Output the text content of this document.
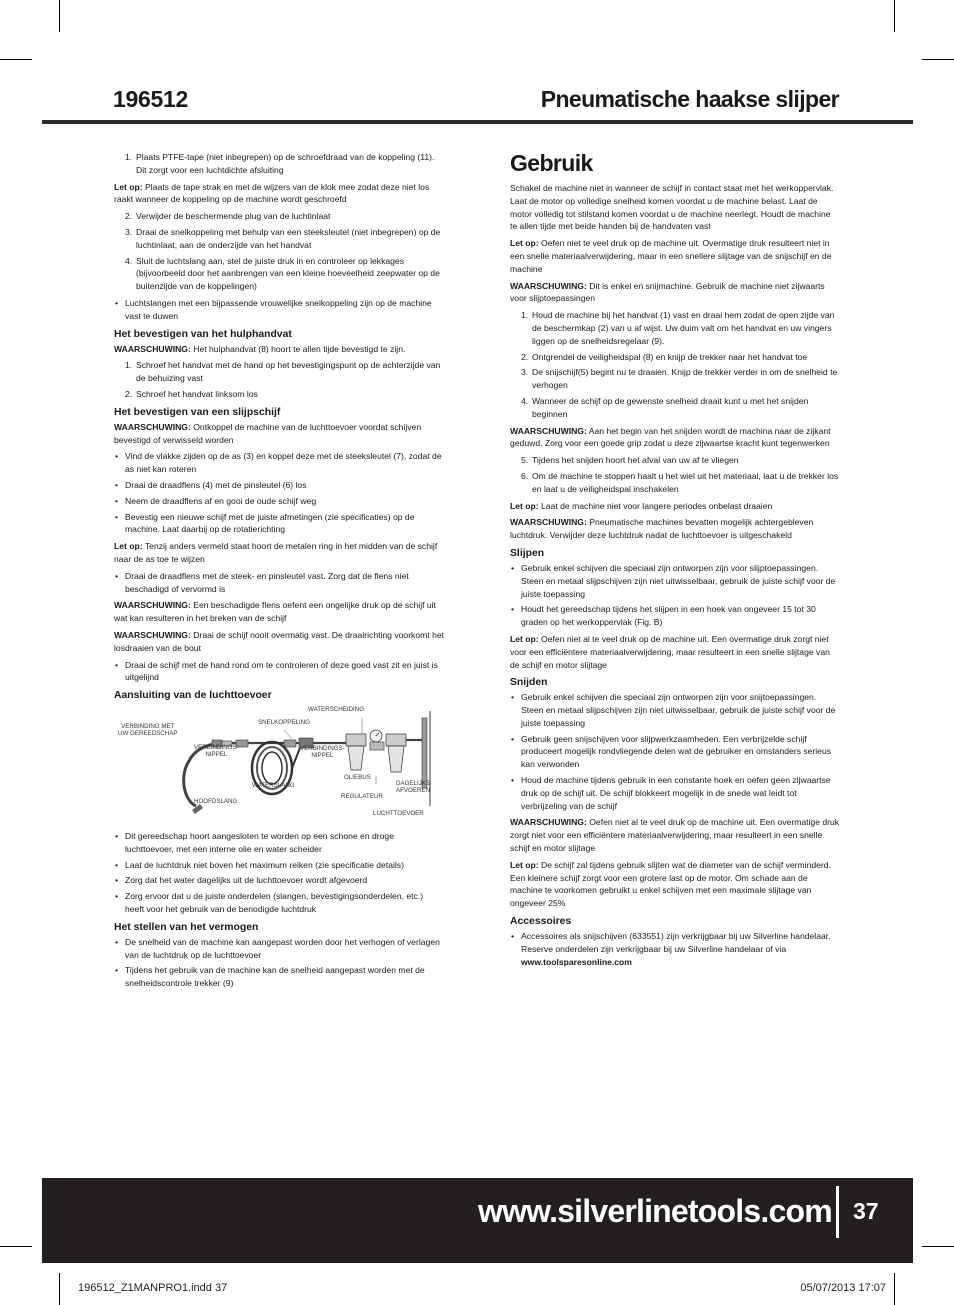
196512	Pneumatische haakse slijper
1. Plaats PTFE-tape (niet inbegrepen) op de schroefdraad van de koppeling (11). Dit zorgt voor een luchtdichte afsluiting

Let op: Plaats de tape strak en met de wijzers van de klok mee zodat deze niet los raakt wanneer de koppeling op de machine wordt geschroefd

2. Verwijder de beschermende plug van de luchtinlaat
3. Draai de snelkoppeling met behulp van een steeksleutel (niet inbegrepen) op de luchtinlaat, aan de onderzijde van het handvat
4. Sluit de luchtslang aan, stel de juiste druk in en controleer op lekkages (bijvoorbeeld door het aanbrengen van een kleine hoeveelheid zeepwater op de buitenzijde van de koppelingen)
• Luchtslangen met een bijpassende vrouwelijke snelkoppeling zijn op de machine vast te duwen
Het bevestigen van het hulphandvat

WAARSCHUWING: Het hulphandvat (8) hoort te allen tijde bevestigd te zijn.

1. Schroef het handvat met de hand op het bevestigingspunt op de achterzijde van de behuizing vast
2. Schroef het handvat linksom los
Het bevestigen van een slijpschijf

WAARSCHUWING: Ontkoppel de machine van de luchttoevoer voordat schijven bevestigd of verwisseld worden

• Vind de vlakke zijden op de as (3) en koppel deze met de steeksleutel (7), zodat de as niet kan roteren
• Draai de draadflens (4) met de pinsleutel (6) los
• Neem de draadflens af en gooi de oude schijf weg
• Bevestig een nieuwe schijf met de juiste afmetingen (zie specificaties) op de machine. Laat daarbij op de rotatierichting

Let op: Tenzij anders vermeld staat hoort de metalen ring in het midden van de schijf naar de as toe te wijzen

• Draai de draadflens met de steek- en pinsleutel vast. Zorg dat de flens niet beschadigd of vervormd is

WAARSCHUWING: Een beschadigde flens oefent een ongelijke druk op de schijf uit wat kan resulteren in het breken van de schijf

WAARSCHUWING: Draai de schijf nooit overmatig vast. De draairichting voorkomt het losdraaien van de bout

• Draai de schijf met de hand rond om te controleren of deze goed vast zit en juist is uitgelijnd
Aansluiting van de luchttoevoer
WATERSCHEIDING
SNELKOPPELING
VERBINDING MET
UW GEREEDSCHAP
VERBINDINGS-
NIPPEL
VERBINDINGS-
NIPPEL
WATERSLANG
OLIEBUS
DAGELIJKS
AFVOEREN
REGULATEUR
HOOFDSLANG
LUCHTTOEVOER
• Dit gereedschap hoort aangesloten te worden op een schone en droge luchttoevoer, met een interne olie en water scheider
• Laat de luchtdruk niet boven het maximum reiken (zie specificatie details)
• Zorg dat het water dagelijks uit de luchttoevoer wordt afgevoerd
• Zorg ervoor dat u de juiste onderdelen (slangen, bevestigingsonderdelen, etc.) heeft voor het gebruik van de benodigde luchtdruk
Het stellen van het vermogen
• De snelheid van de machine kan aangepast worden door het verhogen of verlagen van de luchtdruk op de luchttoevoer
• Tijdens het gebruik van de machine kan de snelheid aangepast worden met de snelheidscontrole trekker (9)
Gebruik

Schakel de machine niet in wanneer de schijf in contact staat met het werkoppervlak. Laat de motor op volledige snelheid komen voordat u de machine belast. Laat de motor volledig tot stilstand komen voordat u de machine neerlegt. Houdt de machine te allen tijde met beide handen bij de handvaten vast

Let op: Oefen niet te veel druk op de machine uit. Overmatige druk resulteert niet in een snelle materiaalverwijdering, maar in een snellere slijtage van de snijschijf en de machine

WAARSCHUWING: Dit is enkel en snijmachine. Gebruik de machine niet zijwaarts voor slijptoepassingen

1. Houd de machine bij het handvat (1) vast en draai hem zodat de open zijde van de beschermkap (2) van u af wijst. Uw duim valt om het handvat en uw vingers liggen op de snelheidsregelaar (9).
2. Ontgrendel de veiligheidspal (8) en knijp de trekker naar het handvat toe
3. De snijschijf(5) begint nu te draaien. Knijp de trekker verder in om de snelheid te verhogen
4. Wanneer de schijf op de gewenste snelheid draait kunt u met het snijden beginnen

WAARSCHUWING: Aan het begin van het snijden wordt de machina naar de zijkant geduwd. Zorg voor een goede grip zodat u deze zijwaartse kracht kunt tegenwerken

5. Tijdens het snijden hoort het afval van uw af te vliegen
6. Om de machine te stoppen haalt u het wiel uit het materiaal, laat u de trekker los en laat u de veiligheidspal inschakelen

Let op: Laat de machine niet voor langere periodes onbelast draaien

WAARSCHUWING: Pneumatische machines bevatten mogelijk achtergebleven luchtdruk. Verwijder deze luchtdruk nadat de luchttoevoer is uitgeschakeld

Slijpen
• Gebruik enkel schijven die speciaal zijn ontworpen zijn voor slijptoepassingen. Steen en metaal slijpschijven zijn niet uitwisselbaar, gebruik de juiste schijf voor de juiste toepassing
• Houdt het gereedschap tijdens het slijpen in een hoek van ongeveer 15 tot 30 graden op het werkoppervlak (Fig. B)

Let op: Oefen niet al te veel druk op de machine uit. Een overmatige druk zorgt niet voor een efficiëntere materiaalverwijdering, maar resulteert in een snelle slijtage van de schijf en motor slijtage

Snijden
• Gebruik enkel schijven die speciaal zijn ontworpen zijn voor snijtoepassingen. Steen en metaal slijpschijven zijn niet uitwisselbaar, gebruik de juiste schijf voor de juiste toepassing
• Gebruik geen snijschijven voor slijpwerkzaamheden. Een verbrijzelde schijf produceert mogelijk rondvliegende delen wat de gebruiker en omstanders serieus kan verwonden
• Houd de machine tijdens gebruik in een constante hoek en oefen geen zijwaartse druk op de schijf uit. De schijf blokkeert mogelijk in de snede wat leidt tot verbrijzeling van de schijf

WAARSCHUWING: Oefen niet al te veel druk op de machine uit. Een overmatige druk zorgt niet voor een efficiëntere materiaalverwijdering, maar resulteert in een snelle schijf en motor slijtage

Let op: De schijf zal tijdens gebruik slijten wat de diameter van de schijf verminderd. Een kleinere schijf zorgt voor een grotere last op de motor. Om schade aan de machine te voorkomen gebruikt u enkel schijven met een maximale slijtage van ongeveer 25%

Accessoires
• Accessoires als snijschijven (633551) zijn verkrijgbaar bij uw Silverline handelaar. Reserve onderdelen zijn verkrijgbaar bij uw Silverline handelaar of via www.toolsparesonline.com
www.silverlinetools.com 37
196512_Z1MANPRO1.indd 37	05/07/2013 17:07
